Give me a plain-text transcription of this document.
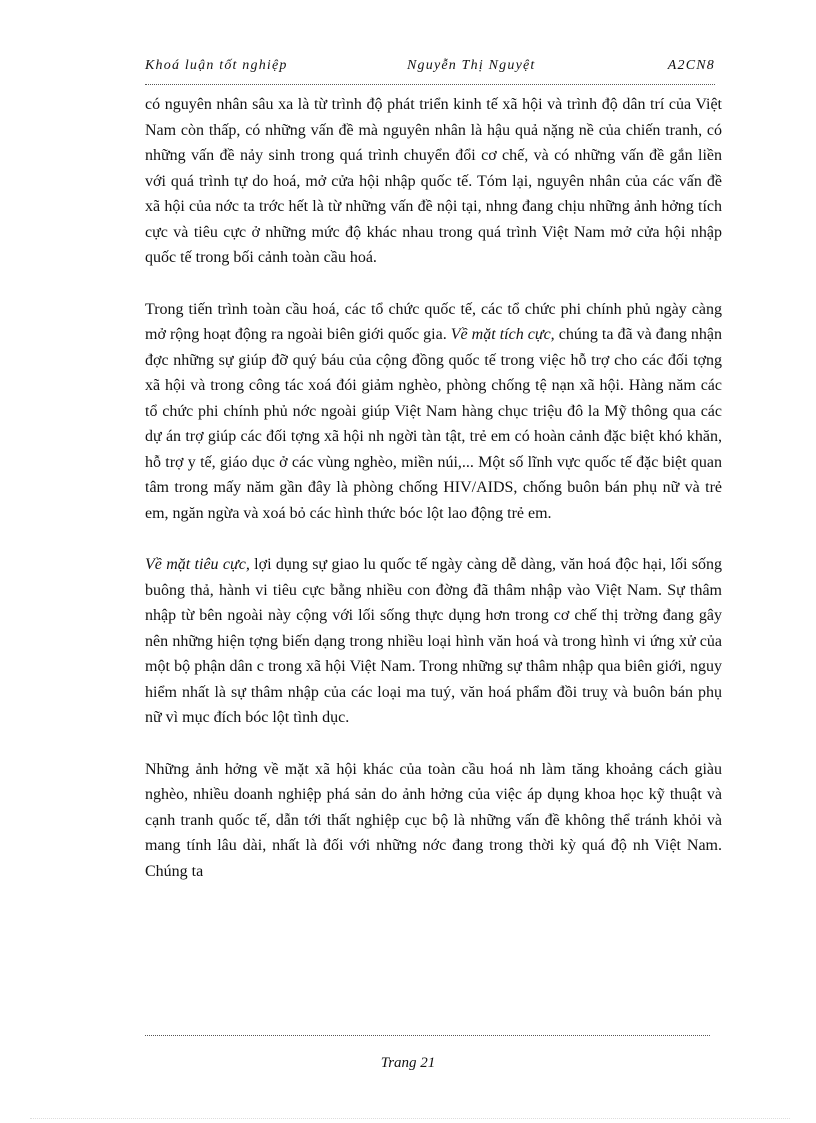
Khoá luận tốt nghiệp	Nguyễn Thị Nguyệt	A2CN8

có nguyên nhân sâu xa là từ trình độ phát triển kinh tế xã hội và trình độ dân trí của Việt Nam còn thấp, có những vấn đề mà nguyên nhân là hậu quả nặng nề của chiến tranh, có những vấn đề nảy sinh trong quá trình chuyển đổi cơ chế, và có những vấn đề gắn liền với quá trình tự do hoá, mở cửa hội nhập quốc tế. Tóm lại, nguyên nhân của các vấn đề xã hội của nớc ta trớc hết là từ những vấn đề nội tại, nhng đang chịu những ảnh hởng tích cực và tiêu cực ở những mức độ khác nhau trong quá trình Việt Nam mở cửa hội nhập quốc tế trong bối cảnh toàn cầu hoá.

Trong tiến trình toàn cầu hoá, các tổ chức quốc tế, các tổ chức phi chính phủ ngày càng mở rộng hoạt động ra ngoài biên giới quốc gia. Về mặt tích cực, chúng ta đã và đang nhận đợc những sự giúp đỡ quý báu của cộng đồng quốc tế trong việc hỗ trợ cho các đối tợng xã hội và trong công tác xoá đói giảm nghèo, phòng chống tệ nạn xã hội. Hàng năm các tổ chức phi chính phủ nớc ngoài giúp Việt Nam hàng chục triệu đô la Mỹ thông qua các dự án trợ giúp các đối tợng xã hội nh ngời tàn tật, trẻ em có hoàn cảnh đặc biệt khó khăn, hỗ trợ y tế, giáo dục ở các vùng nghèo, miền núi,... Một số lĩnh vực quốc tế đặc biệt quan tâm trong mấy năm gần đây là phòng chống HIV/AIDS, chống buôn bán phụ nữ và trẻ em, ngăn ngừa và xoá bỏ các hình thức bóc lột lao động trẻ em.

Về mặt tiêu cực, lợi dụng sự giao lu quốc tế ngày càng dễ dàng, văn hoá độc hại, lối sống buông thả, hành vi tiêu cực bằng nhiều con đờng đã thâm nhập vào Việt Nam. Sự thâm nhập từ bên ngoài này cộng với lối sống thực dụng hơn trong cơ chế thị trờng đang gây nên những hiện tợng biến dạng trong nhiều loại hình văn hoá và trong hình vi ứng xử của một bộ phận dân c trong xã hội Việt Nam. Trong những sự thâm nhập qua biên giới, nguy hiểm nhất là sự thâm nhập của các loại ma tuý, văn hoá phẩm đồi truỵ và buôn bán phụ nữ vì mục đích bóc lột tình dục.

Những ảnh hởng về mặt xã hội khác của toàn cầu hoá nh làm tăng khoảng cách giàu nghèo, nhiều doanh nghiệp phá sản do ảnh hởng của việc áp dụng khoa học kỹ thuật và cạnh tranh quốc tế, dẫn tới thất nghiệp cục bộ là những vấn đề không thể tránh khỏi và mang tính lâu dài, nhất là đối với những nớc đang trong thời kỳ quá độ nh Việt Nam. Chúng ta

Trang 21
